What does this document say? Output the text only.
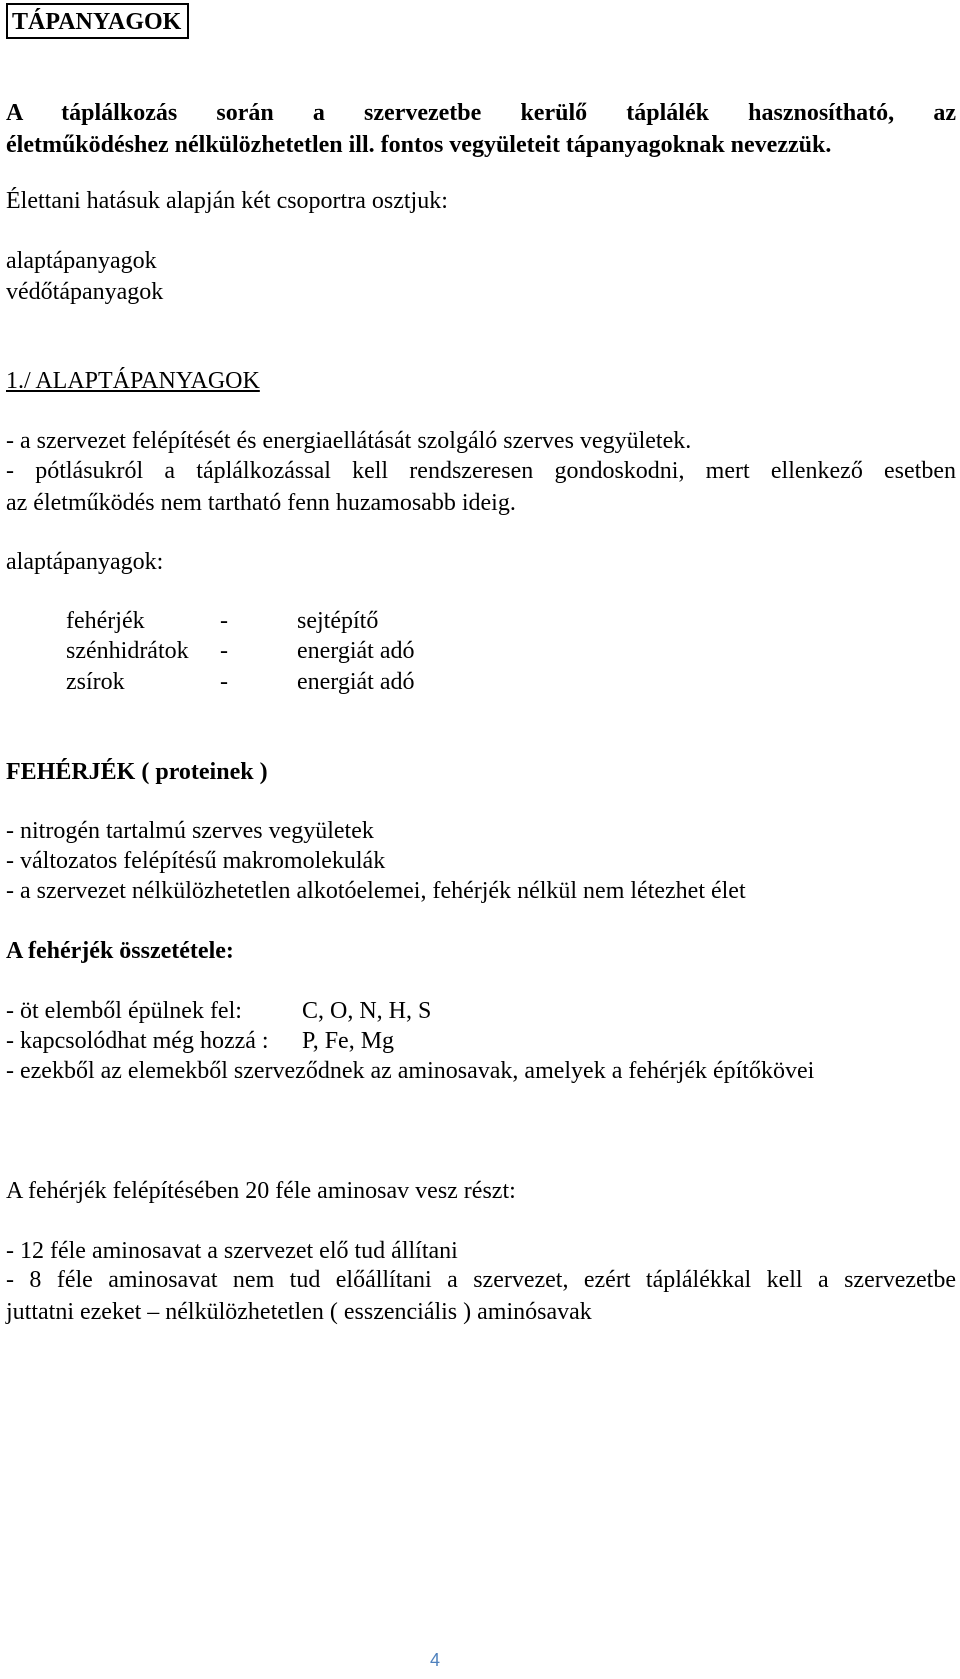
TÁPANYAGOK
A táplálkozás során a szervezetbe kerülő táplálék hasznosítható, az
életműködéshez nélkülözhetetlen ill. fontos vegyületeit tápanyagoknak nevezzük.
Élettani hatásuk alapján két csoportra osztjuk:
alaptápanyagok
védőtápanyagok
1./ ALAPTÁPANYAGOK
- a szervezet felépítését és energiaellátását szolgáló szerves vegyületek.
- pótlásukról a táplálkozással kell rendszeresen gondoskodni, mert ellenkező esetben
az életműködés nem tartható fenn huzamosabb ideig.
alaptápanyagok:
fehérjék	-	sejtépítő
szénhidrátok -	energiát adó
zsírok	-	energiát adó
FEHÉRJÉK ( proteinek )
- nitrogén tartalmú szerves vegyületek
- változatos felépítésű makromolekulák
- a szervezet nélkülözhetetlen alkotóelemei, fehérjék nélkül nem létezhet élet
A fehérjék összetétele:
- öt elemből épülnek fel:	C, O, N, H, S
- kapcsolódhat még hozzá : P, Fe, Mg
- ezekből az elemekből szerveződnek az aminosavak, amelyek a fehérjék építőkövei
A fehérjék felépítésében 20 féle aminosav vesz részt:
- 12 féle aminosavat a szervezet elő tud állítani
- 8 féle aminosavat nem tud előállítani a szervezet, ezért táplálékkal kell a szervezetbe
juttatni ezeket – nélkülözhetetlen ( esszenciális ) aminósavak
4
